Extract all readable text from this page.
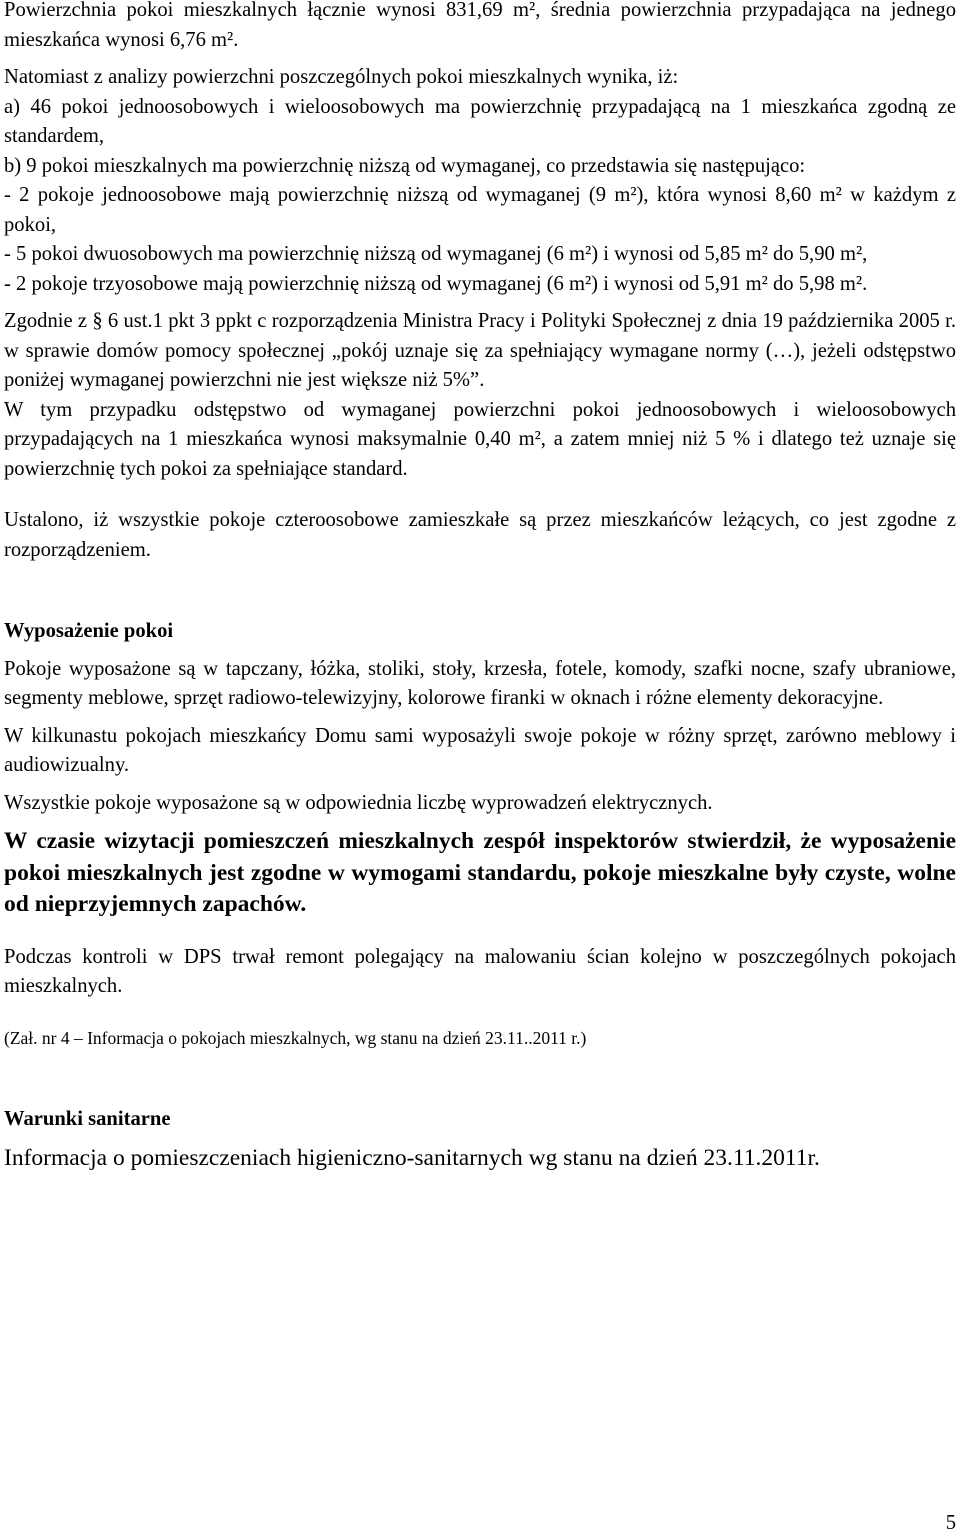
Powierzchnia pokoi mieszkalnych łącznie wynosi 831,69 m², średnia powierzchnia przypadająca na jednego mieszkańca wynosi 6,76 m².

Natomiast z analizy powierzchni poszczególnych pokoi mieszkalnych wynika, iż:

a) 46 pokoi jednoosobowych i wieloosobowych ma powierzchnię przypadającą na 1 mieszkańca zgodną ze standardem,

b) 9 pokoi mieszkalnych ma powierzchnię niższą od wymaganej, co przedstawia się następująco:

- 2 pokoje jednoosobowe mają powierzchnię niższą od wymaganej (9 m²), która wynosi 8,60 m² w każdym z pokoi,

- 5 pokoi dwuosobowych ma powierzchnię niższą od wymaganej (6 m²) i wynosi od 5,85 m² do 5,90 m²,

- 2 pokoje trzyosobowe mają powierzchnię niższą od wymaganej (6 m²) i wynosi od 5,91 m² do 5,98 m².

Zgodnie z § 6 ust.1 pkt 3 ppkt c rozporządzenia Ministra Pracy i Polityki Społecznej z dnia 19 października 2005 r. w sprawie domów pomocy społecznej „pokój uznaje się za spełniający wymagane normy (…), jeżeli odstępstwo poniżej wymaganej powierzchni nie jest większe niż 5%”.

W tym przypadku odstępstwo od wymaganej powierzchni pokoi jednoosobowych i wieloosobowych przypadających na 1 mieszkańca wynosi maksymalnie 0,40 m², a zatem mniej niż 5 % i dlatego też uznaje się powierzchnię tych pokoi za spełniające standard.

Ustalono, iż wszystkie pokoje czteroosobowe zamieszkałe są przez mieszkańców leżących, co jest zgodne z rozporządzeniem.

Wyposażenie pokoi

Pokoje wyposażone są w tapczany, łóżka, stoliki, stoły, krzesła, fotele, komody, szafki nocne, szafy ubraniowe, segmenty meblowe, sprzęt radiowo-telewizyjny, kolorowe firanki w oknach i różne elementy dekoracyjne.

W kilkunastu pokojach mieszkańcy Domu sami wyposażyli swoje pokoje w różny sprzęt, zarówno meblowy i audiowizualny.

Wszystkie pokoje wyposażone są w odpowiednia liczbę wyprowadzeń elektrycznych.

W czasie wizytacji pomieszczeń mieszkalnych zespół inspektorów stwierdził, że wyposażenie pokoi mieszkalnych jest zgodne w wymogami standardu, pokoje mieszkalne były czyste, wolne od nieprzyjemnych zapachów.

Podczas kontroli w DPS trwał remont polegający na malowaniu ścian kolejno w poszczególnych pokojach mieszkalnych.

(Zał. nr 4 – Informacja o pokojach mieszkalnych, wg stanu na dzień 23.11..2011 r.)

Warunki sanitarne

Informacja o pomieszczeniach higieniczno-sanitarnych wg stanu na dzień 23.11.2011r.

5
